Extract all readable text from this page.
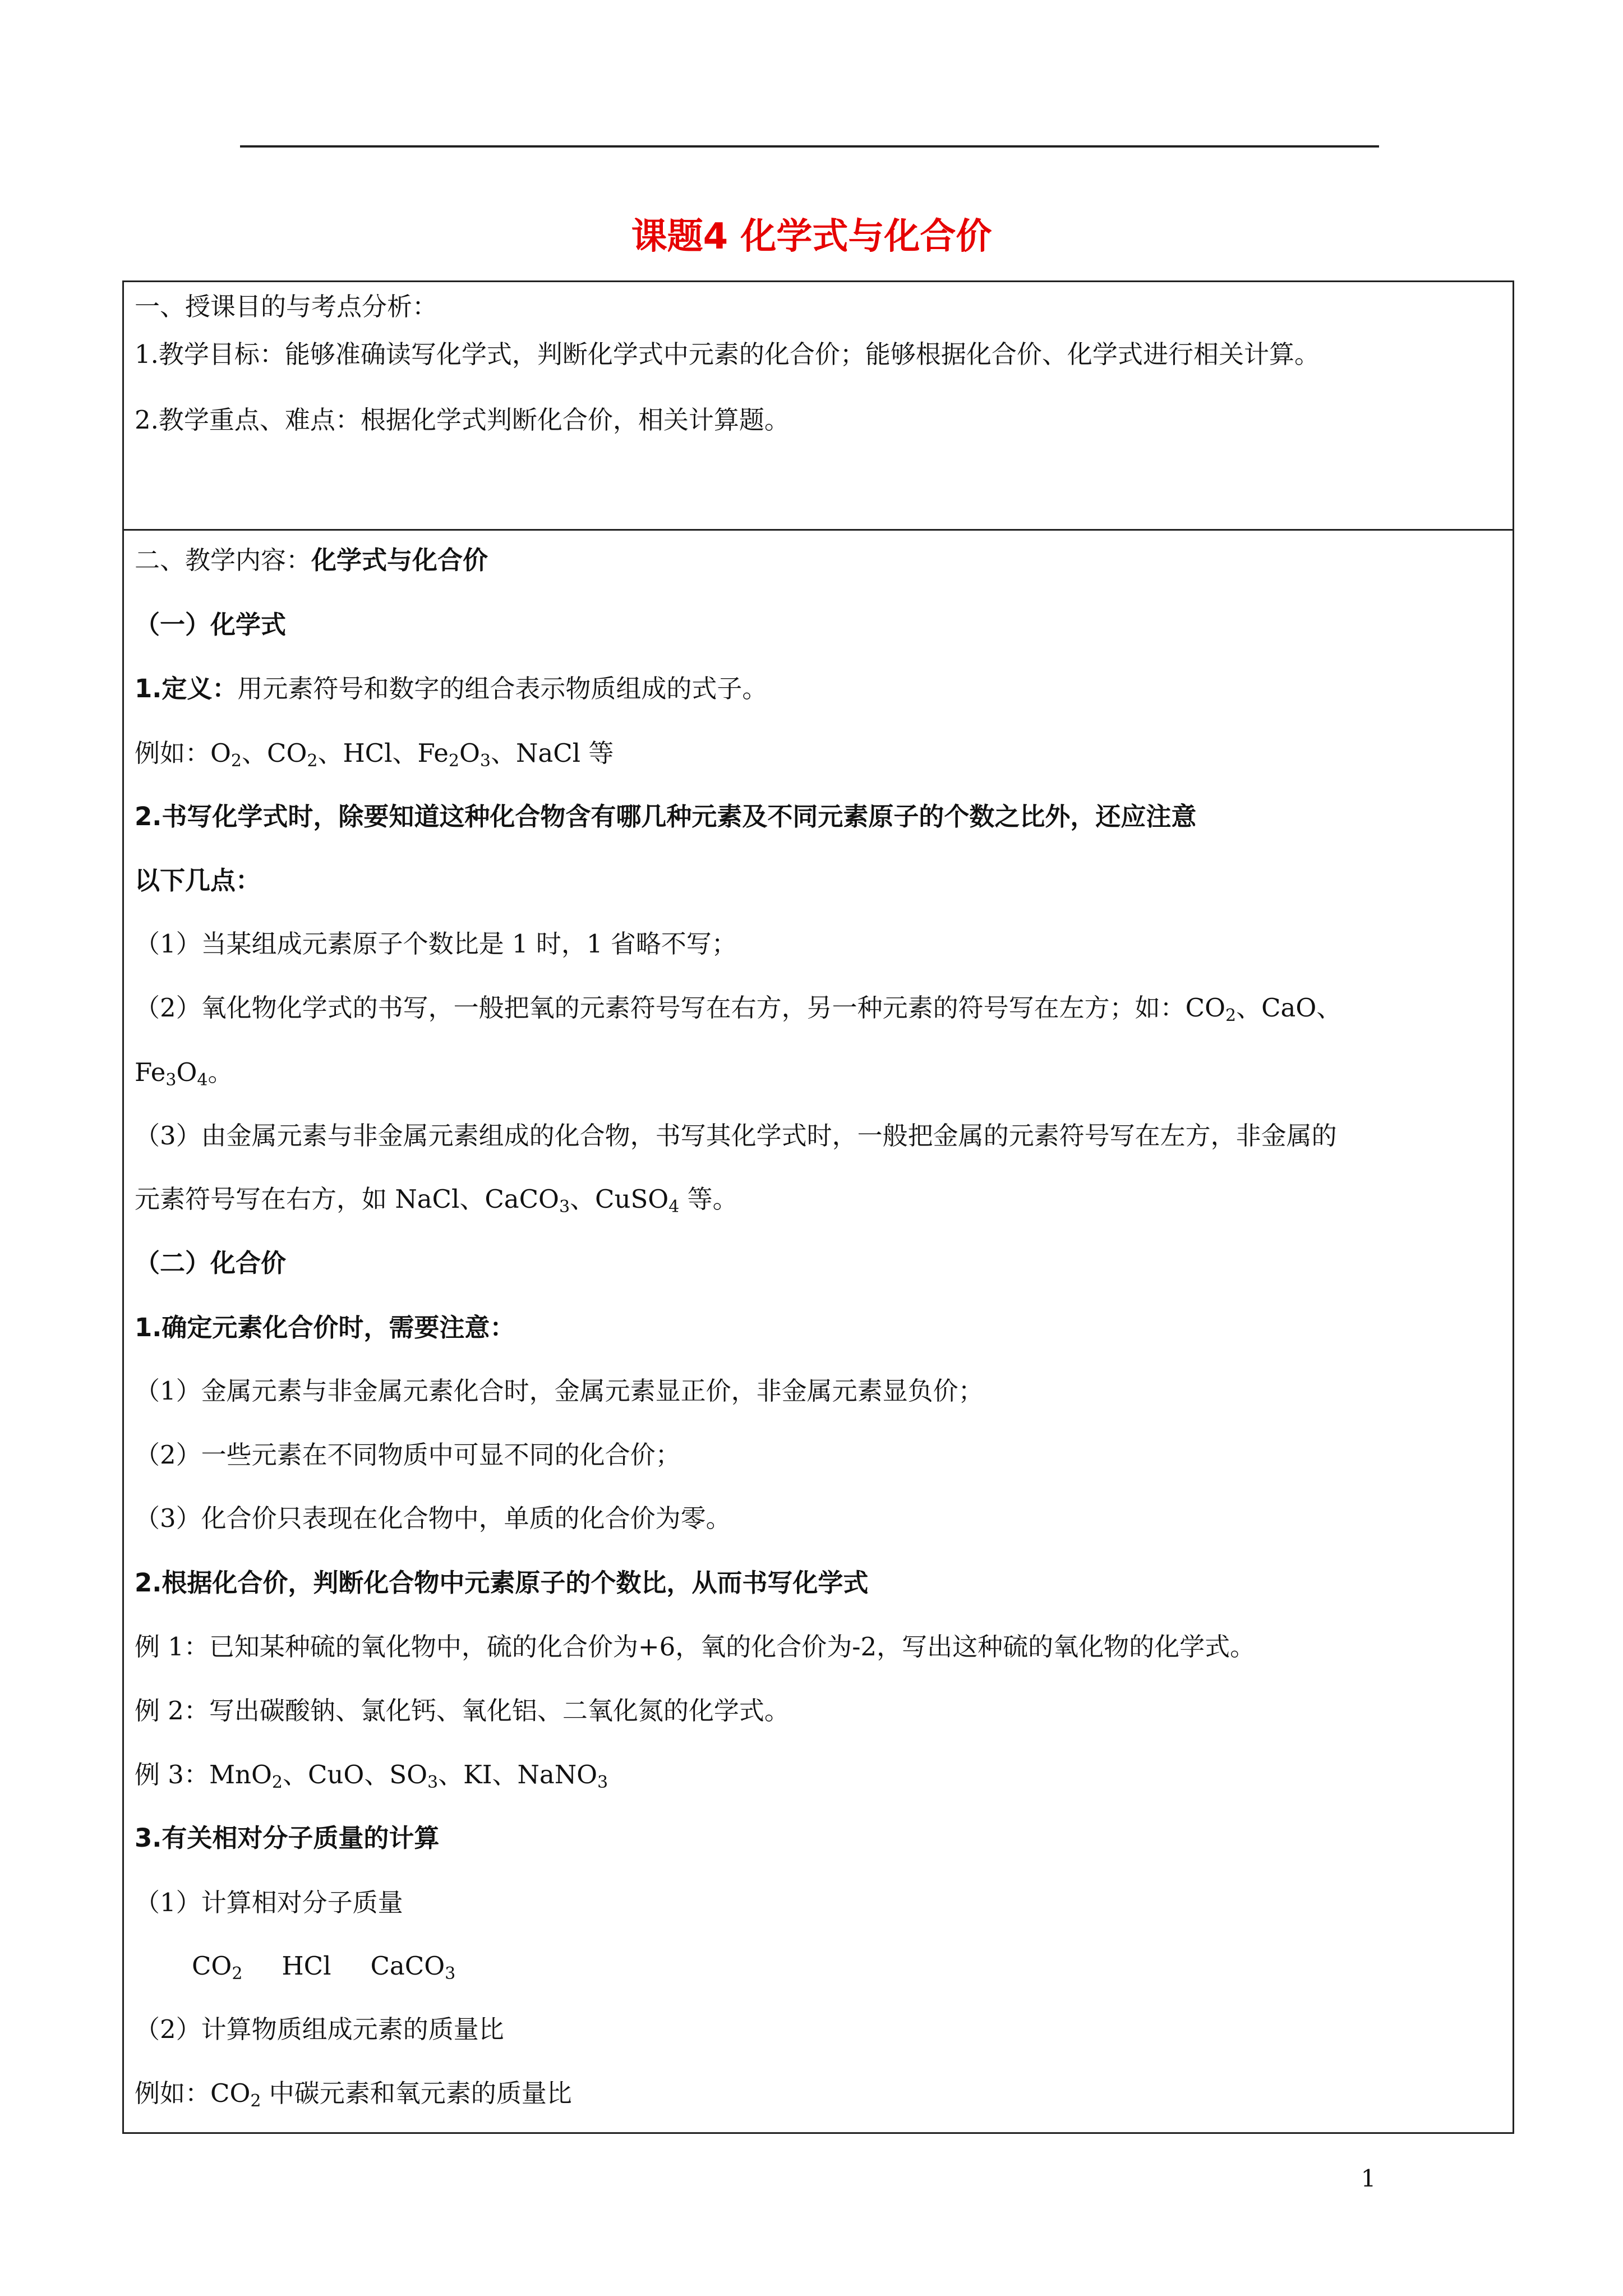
课题4 化学式与化合价
一、授课目的与考点分析：
1.教学目标：能够准确读写化学式，判断化学式中元素的化合价；能够根据化合价、化学式进行相关计算。
2.教学重点、难点：根据化学式判断化合价，相关计算题。
二、教学内容：化学式与化合价
（一）化学式
1.定义：用元素符号和数字的组合表示物质组成的式子。
例如：$O_2$、$CO_2$、HCl、$Fe_2O_3$、NaCl 等
2.书写化学式时，除要知道这种化合物含有哪几种元素及不同元素原子的个数之比外，还应注意
以下几点：
（1）当某组成元素原子个数比是 1 时，1 省略不写；
（2）氧化物化学式的书写，一般把氧的元素符号写在右方，另一种元素的符号写在左方；如：$CO_2$、CaO、
$Fe_3O_4$。
（3）由金属元素与非金属元素组成的化合物，书写其化学式时，一般把金属的元素符号写在左方，非金属的
元素符号写在右方，如 NaCl、CaCO$_3$、CuSO$_4$ 等。
（二）化合价
1.确定元素化合价时，需要注意：
（1）金属元素与非金属元素化合时，金属元素显正价，非金属元素显负价；
（2）一些元素在不同物质中可显不同的化合价；
（3）化合价只表现在化合物中，单质的化合价为零。
2.根据化合价，判断化合物中元素原子的个数比，从而书写化学式
例 1：已知某种硫的氧化物中，硫的化合价为+6，氧的化合价为-2，写出这种硫的氧化物的化学式。
例 2：写出碳酸钠、氯化钙、氧化铝、二氧化氮的化学式。
例 3：MnO$_2$、CuO、$SO_3$、KI、NaNO$_3$
3.有关相对分子质量的计算
（1）计算相对分子质量
$CO_2$ HCl CaCO$_3$
（2）计算物质组成元素的质量比
例如：$CO_2$ 中碳元素和氧元素的质量比
1
